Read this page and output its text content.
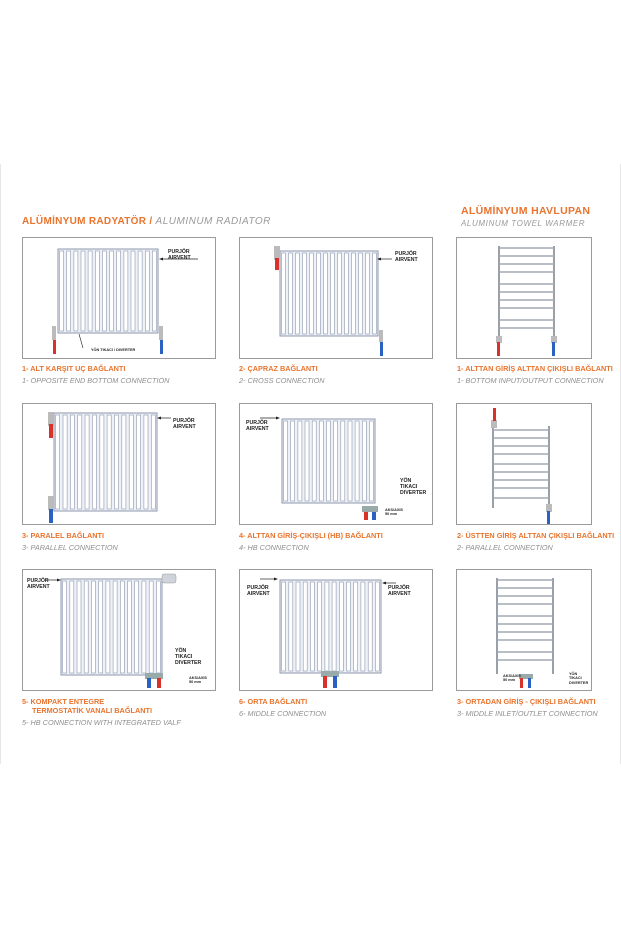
ALÜMİNYUM RADYATÖR / ALUMINUM RADIATOR
ALÜMİNYUM HAVLUPAN
ALUMINUM TOWEL WARMER
PURJÖR
AIRVENT
YÖN TIKACI / DIVERTER
1- ALT KARŞIT UÇ BAĞLANTI
1- OPPOSITE END BOTTOM CONNECTION
PURJÖR
AIRVENT
2- ÇAPRAZ BAĞLANTI
2- CROSS CONNECTION
1- ALTTAN GİRİŞ ALTTAN ÇIKIŞLI BAĞLANTI
1- BOTTOM INPUT/OUTPUT CONNECTION
PURJÖR
AIRVENT
3- PARALEL BAĞLANTI
3- PARALLEL CONNECTION
PURJÖR
AIRVENT
YÖN
TIKACI
DIVERTER
AKS/AXIS
50 mm
4- ALTTAN GİRİŞ-ÇIKIŞLI (HB) BAĞLANTI
4- HB CONNECTION
2- ÜSTTEN GİRİŞ ALTTAN ÇIKIŞLI BAĞLANTI
2- PARALLEL CONNECTION
PURJÖR
AIRVENT
YÖN
TIKACI
DIVERTER
AKS/AXIS
50 mm
5- KOMPAKT ENTEGRE
TERMOSTATİK VANALI BAĞLANTI
5- HB CONNECTION WITH INTEGRATED VALF
PURJÖR
AIRVENT
PURJÖR
AIRVENT
6- ORTA BAĞLANTI
6- MIDDLE CONNECTION
YÖN
TIKACI
DIVERTER
AKS/AXIS
50 mm
3- ORTADAN GİRİŞ - ÇIKIŞLI BAĞLANTI
3- MIDDLE INLET/OUTLET CONNECTION
